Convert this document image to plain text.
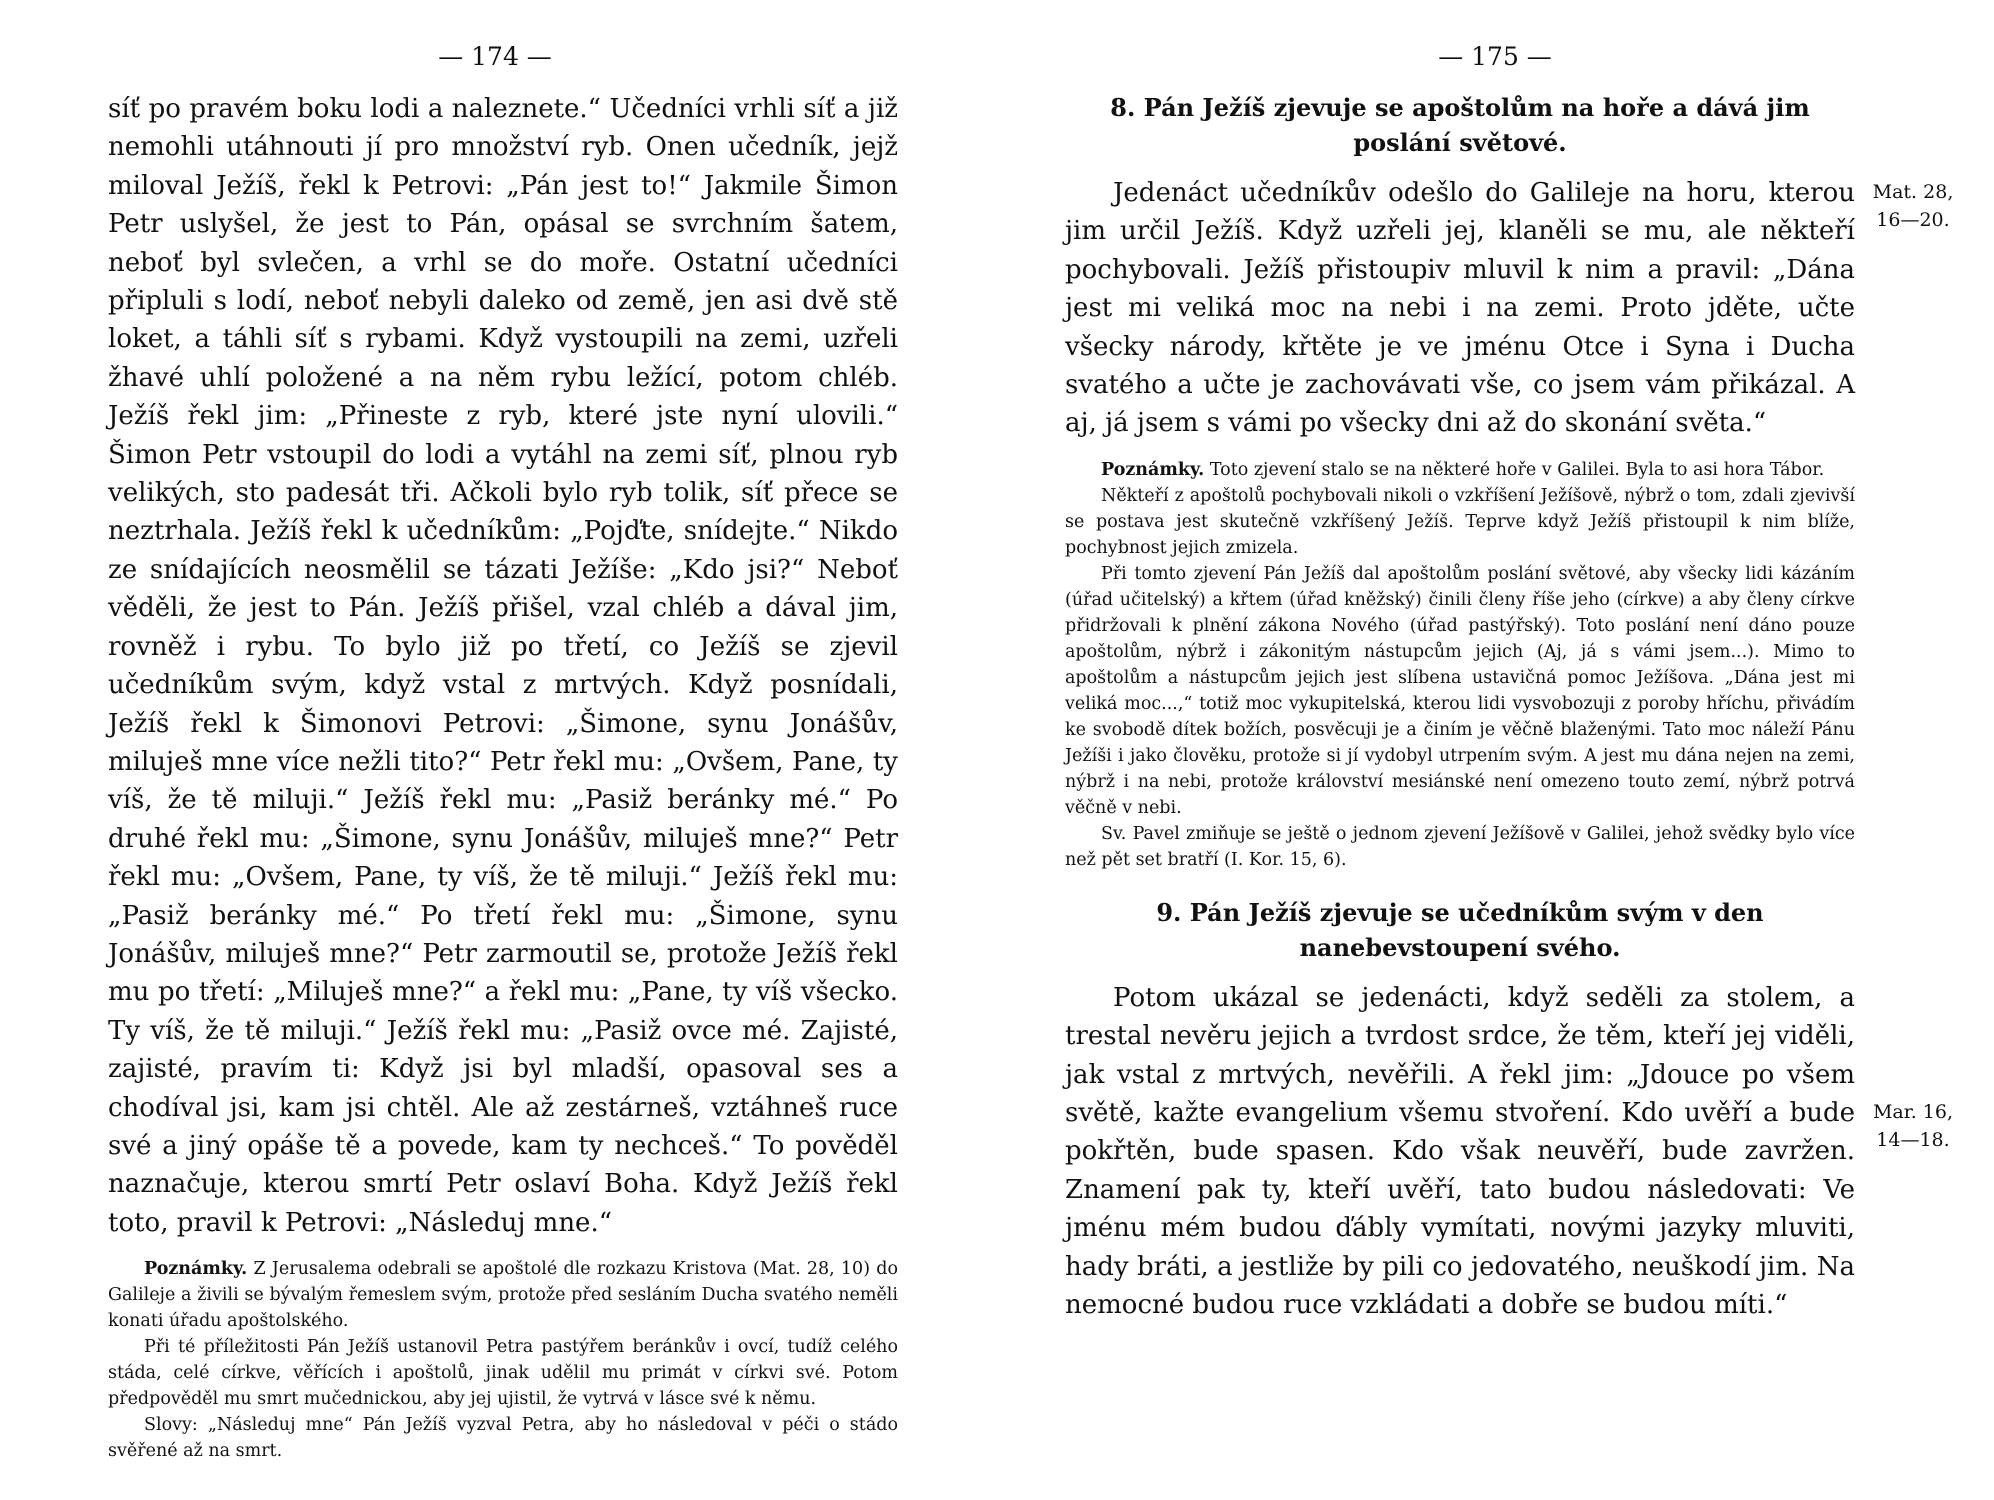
— 174 —

síť po pravém boku lodi a naleznete.“ Učedníci vrhli síť a již nemohli utáhnouti jí pro množství ryb. Onen učedník, jejž miloval Ježíš, řekl k Petrovi: „Pán jest to!“ Jakmile Šimon Petr uslyšel, že jest to Pán, opásal se svrchním šatem, neboť byl svlečen, a vrhl se do moře. Ostatní učedníci připluli s lodí, neboť nebyli daleko od země, jen asi dvě stě loket, a táhli síť s rybami. Když vystoupili na zemi, uzřeli žhavé uhlí položené a na něm rybu ležící, potom chléb. Ježíš řekl jim: „Přineste z ryb, které jste nyní ulovili.“ Šimon Petr vstoupil do lodi a vytáhl na zemi síť, plnou ryb velikých, sto padesát tři. Ačkoli bylo ryb tolik, síť přece se neztrhala. Ježíš řekl k učedníkům: „Pojďte, snídejte.“ Nikdo ze snídajících neosmělil se tázati Ježíše: „Kdo jsi?“ Neboť věděli, že jest to Pán. Ježíš přišel, vzal chléb a dával jim, rovněž i rybu. To bylo již po třetí, co Ježíš se zjevil učedníkům svým, když vstal z mrtvých. Když posnídali, Ježíš řekl k Šimonovi Petrovi: „Šimone, synu Jonášův, miluješ mne více nežli tito?“ Petr řekl mu: „Ovšem, Pane, ty víš, že tě miluji.“ Ježíš řekl mu: „Pasiž beránky mé.“ Po druhé řekl mu: „Šimone, synu Jonášův, miluješ mne?“ Petr řekl mu: „Ovšem, Pane, ty víš, že tě miluji.“ Ježíš řekl mu: „Pasiž beránky mé.“ Po třetí řekl mu: „Šimone, synu Jonášův, miluješ mne?“ Petr zarmoutil se, protože Ježíš řekl mu po třetí: „Miluješ mne?“ a řekl mu: „Pane, ty víš všecko. Ty víš, že tě miluji.“ Ježíš řekl mu: „Pasiž ovce mé. Zajisté, zajisté, pravím ti: Když jsi byl mladší, opasoval ses a chodíval jsi, kam jsi chtěl. Ale až zestárneš, vztáhneš ruce své a jiný opáše tě a povede, kam ty nechceš.“ To pověděl naznačuje, kterou smrtí Petr oslaví Boha. Když Ježíš řekl toto, pravil k Petrovi: „Následuj mne.“

Poznámky. Z Jerusalema odebrali se apoštolé dle rozkazu Kristova (Mat. 28, 10) do Galileje a živili se bývalým řemeslem svým, protože před sesláním Ducha svatého neměli konati úřadu apoštolského.

Při té příležitosti Pán Ježíš ustanovil Petra pastýřem beránkův i ovcí, tudíž celého stáda, celé církve, věřících i apoštolů, jinak udělil mu primát v církvi své. Potom předpověděl mu smrt mučednickou, aby jej ujistil, že vytrvá v lásce své k němu.

Slovy: „Následuj mne“ Pán Ježíš vyzval Petra, aby ho následoval v péči o stádo svěřené až na smrt.

— 175 —
8. Pán Ježíš zjevuje se apoštolům na hoře a dává jim poslání světové.

Jedenáct učedníkův odešlo do Galileje na horu, kterou jim určil Ježíš. Když uzřeli jej, klaněli se mu, ale někteří pochybovali. Ježíš přistoupiv mluvil k nim a pravil: „Dána jest mi veliká moc na nebi i na zemi. Proto jděte, učte všecky národy, křtěte je ve jménu Otce i Syna i Ducha svatého a učte je zachovávati vše, co jsem vám přikázal. A aj, já jsem s vámi po všecky dni až do skonání světa.“

Poznámky. Toto zjevení stalo se na některé hoře v Galilei. Byla to asi hora Tábor.

Někteří z apoštolů pochybovali nikoli o vzkříšení Ježíšově, nýbrž o tom, zdali zjevivší se postava jest skutečně vzkříšený Ježíš. Teprve když Ježíš přistoupil k nim blíže, pochybnost jejich zmizela.

Při tomto zjevení Pán Ježíš dal apoštolům poslání světové, aby všecky lidi kázáním (úřad učitelský) a křtem (úřad kněžský) činili členy říše jeho (církve) a aby členy církve přidržovali k plnění zákona Nového (úřad pastýřský). Toto poslání není dáno pouze apoštolům, nýbrž i zákonitým nástupcům jejich (Aj, já s vámi jsem...). Mimo to apoštolům a nástupcům jejich jest slíbena ustavičná pomoc Ježíšova. „Dána jest mi veliká moc...,“ totiž moc vykupitelská, kterou lidi vysvobozuji z poroby hříchu, přivádím ke svobodě dítek božích, posvěcuji je a činím je věčně blaženými. Tato moc náleží Pánu Ježíši i jako člověku, protože si jí vydobyl utrpením svým. A jest mu dána nejen na zemi, nýbrž i na nebi, protože království mesiánské není omezeno touto zemí, nýbrž potrvá věčně v nebi.

Sv. Pavel zmiňuje se ještě o jednom zjevení Ježíšově v Galilei, jehož svědky bylo více než pět set bratří (I. Kor. 15, 6).

9. Pán Ježíš zjevuje se učedníkům svým v den nanebevstoupení svého.

Potom ukázal se jedenácti, když seděli za stolem, a trestal nevěru jejich a tvrdost srdce, že těm, kteří jej viděli, jak vstal z mrtvých, nevěřili. A řekl jim: „Jdouce po všem světě, kažte evangelium všemu stvoření. Kdo uvěří a bude pokřtěn, bude spasen. Kdo však neuvěří, bude zavržen. Znamení pak ty, kteří uvěří, tato budou následovati: Ve jménu mém budou ďábly vymítati, novými jazyky mluviti, hady bráti, a jestliže by pili co jedovatého, neuškodí jim. Na nemocné budou ruce vzkládati a dobře se budou míti.“

Mat. 28,
16—20.
Mar. 16,
14—18.
